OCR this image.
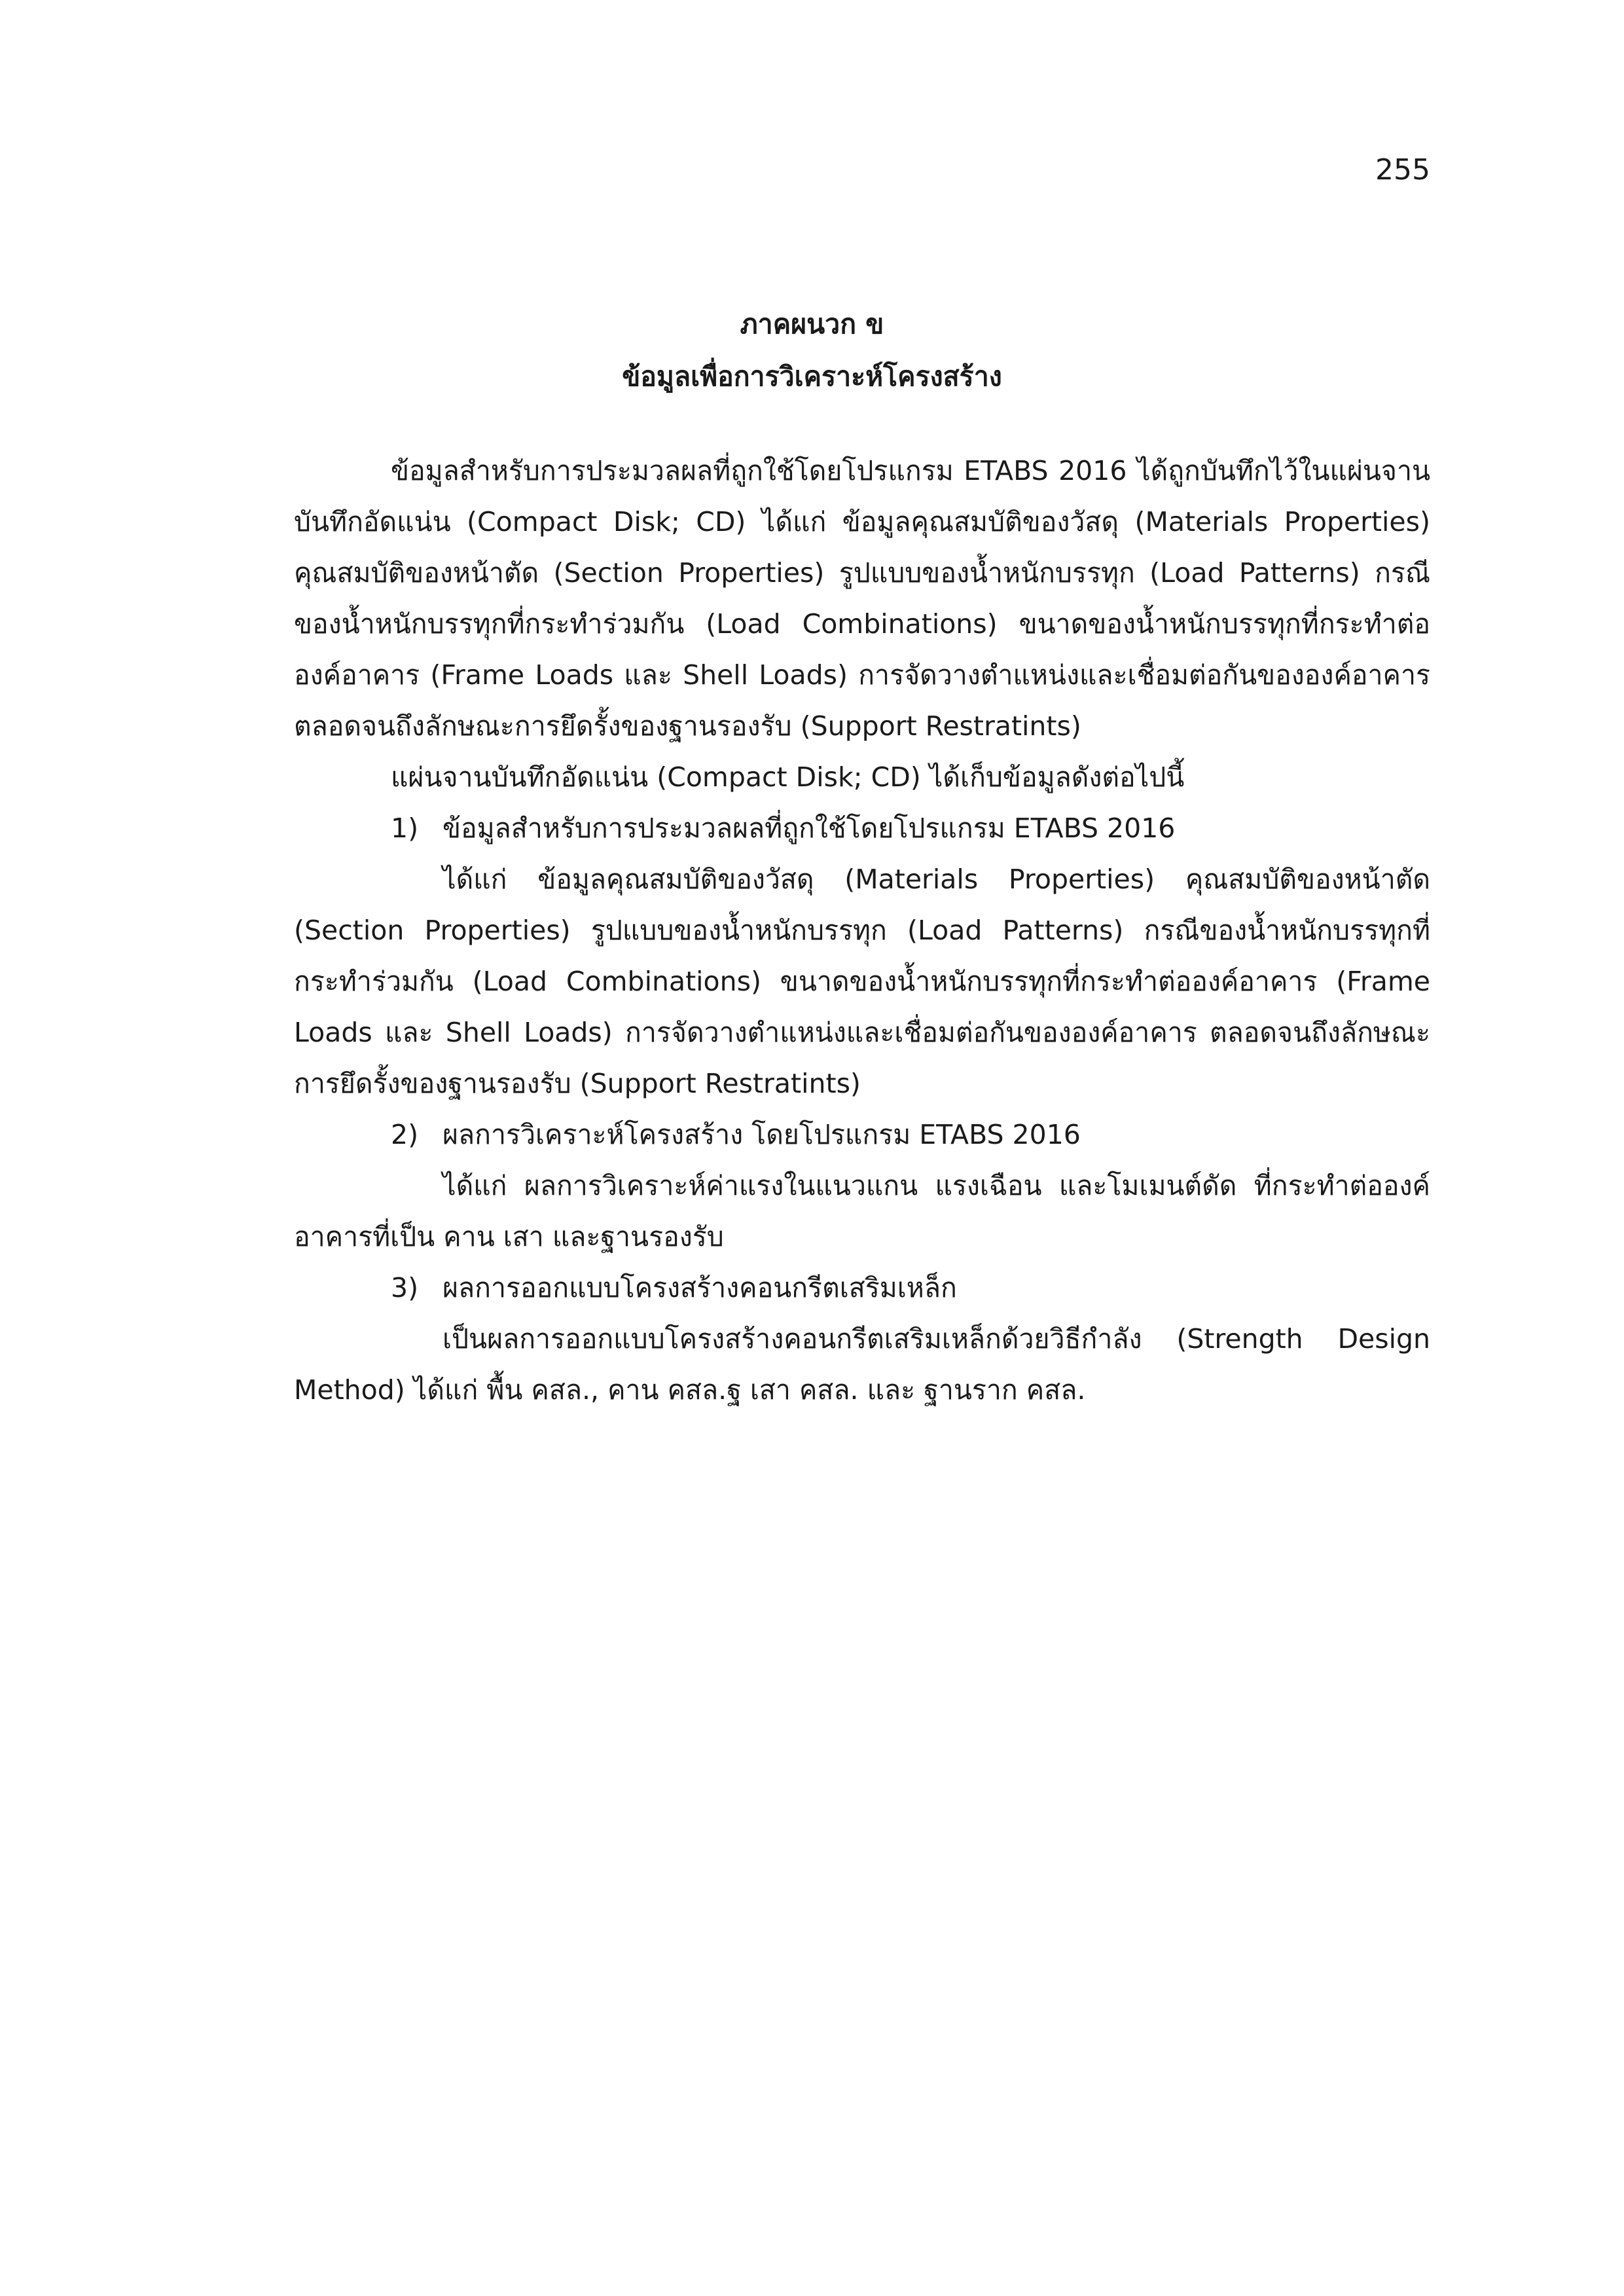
255

ภาคผนวก ข

ข้อมูลเพื่อการวิเคราะห์โครงสร้าง

ข้อมูลสำหรับการประมวลผลที่ถูกใช้โดยโปรแกรม ETABS 2016 ได้ถูกบันทึกไว้ในแผ่นจานบันทึกอัดแน่น (Compact Disk; CD) ได้แก่ ข้อมูลคุณสมบัติของวัสดุ (Materials Properties) คุณสมบัติของหน้าตัด (Section Properties) รูปแบบของน้ำหนักบรรทุก (Load Patterns) กรณีของน้ำหนักบรรทุกที่กระทำร่วมกัน (Load Combinations) ขนาดของน้ำหนักบรรทุกที่กระทำต่อองค์อาคาร (Frame Loads และ Shell Loads) การจัดวางตำแหน่งและเชื่อมต่อกันขององค์อาคาร ตลอดจนถึงลักษณะการยึดรั้งของฐานรองรับ (Support Restratints)

แผ่นจานบันทึกอัดแน่น (Compact Disk; CD) ได้เก็บข้อมูลดังต่อไปนี้

1) ข้อมูลสำหรับการประมวลผลที่ถูกใช้โดยโปรแกรม ETABS 2016

ได้แก่ ข้อมูลคุณสมบัติของวัสดุ (Materials Properties) คุณสมบัติของหน้าตัด (Section Properties) รูปแบบของน้ำหนักบรรทุก (Load Patterns) กรณีของน้ำหนักบรรทุกที่กระทำร่วมกัน (Load Combinations) ขนาดของน้ำหนักบรรทุกที่กระทำต่อองค์อาคาร (Frame Loads และ Shell Loads) การจัดวางตำแหน่งและเชื่อมต่อกันขององค์อาคาร ตลอดจนถึงลักษณะการยึดรั้งของฐานรองรับ (Support Restratints)

2) ผลการวิเคราะห์โครงสร้าง โดยโปรแกรม ETABS 2016

ได้แก่ ผลการวิเคราะห์ค่าแรงในแนวแกน แรงเฉือน และโมเมนต์ดัด ที่กระทำต่อองค์อาคารที่เป็น คาน เสา และฐานรองรับ

3) ผลการออกแบบโครงสร้างคอนกรีตเสริมเหล็ก

เป็นผลการออกแบบโครงสร้างคอนกรีตเสริมเหล็กด้วยวิธีกำลัง (Strength Design Method) ได้แก่ พื้น คสล., คาน คสล.ฐ เสา คสล. และ ฐานราก คสล.
